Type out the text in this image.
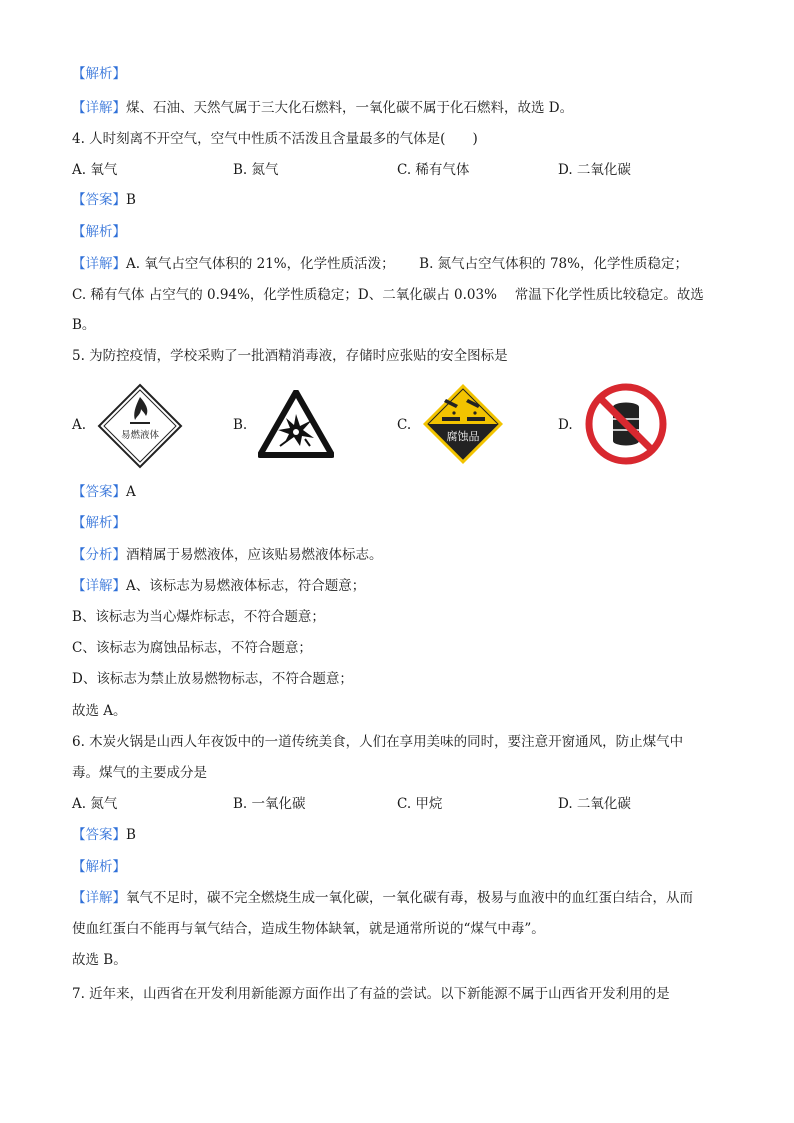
【解析】
【详解】煤、石油、天然气属于三大化石燃料，一氧化碳不属于化石燃料，故选 D。
4. 人时刻离不开空气，空气中性质不活泼且含量最多的气体是(　　)
A. 氧气	B. 氮气	C. 稀有气体	D. 二氧化碳
【答案】B
【解析】
【详解】A. 氧气占空气体积的 21%，化学性质活泼；　　 B. 氮气占空气体积的 78%，化学性质稳定；
C. 稀有气体 占空气的 0.94%，化学性质稳定；D、二氧化碳占 0.03%　 常温下化学性质比较稳定。故选
B。
5. 为防控疫情，学校采购了一批酒精消毒液，存储时应张贴的安全图标是
A.	B.	C.	D.
易燃液体	腐蚀品
【答案】A
【解析】
【分析】酒精属于易燃液体，应该贴易燃液体标志。
【详解】A、该标志为易燃液体标志，符合题意；
B、该标志为当心爆炸标志，不符合题意；
C、该标志为腐蚀品标志，不符合题意；
D、该标志为禁止放易燃物标志，不符合题意；
故选 A。
6. 木炭火锅是山西人年夜饭中的一道传统美食，人们在享用美味的同时，要注意开窗通风，防止煤气中
毒。煤气的主要成分是
A. 氮气	B. 一氧化碳	C. 甲烷	D. 二氧化碳
【答案】B
【解析】
【详解】氧气不足时，碳不完全燃烧生成一氧化碳，一氧化碳有毒，极易与血液中的血红蛋白结合，从而
使血红蛋白不能再与氧气结合，造成生物体缺氧，就是通常所说的“煤气中毒”。
故选 B。
7. 近年来，山西省在开发利用新能源方面作出了有益的尝试。以下新能源不属于山西省开发利用的是
